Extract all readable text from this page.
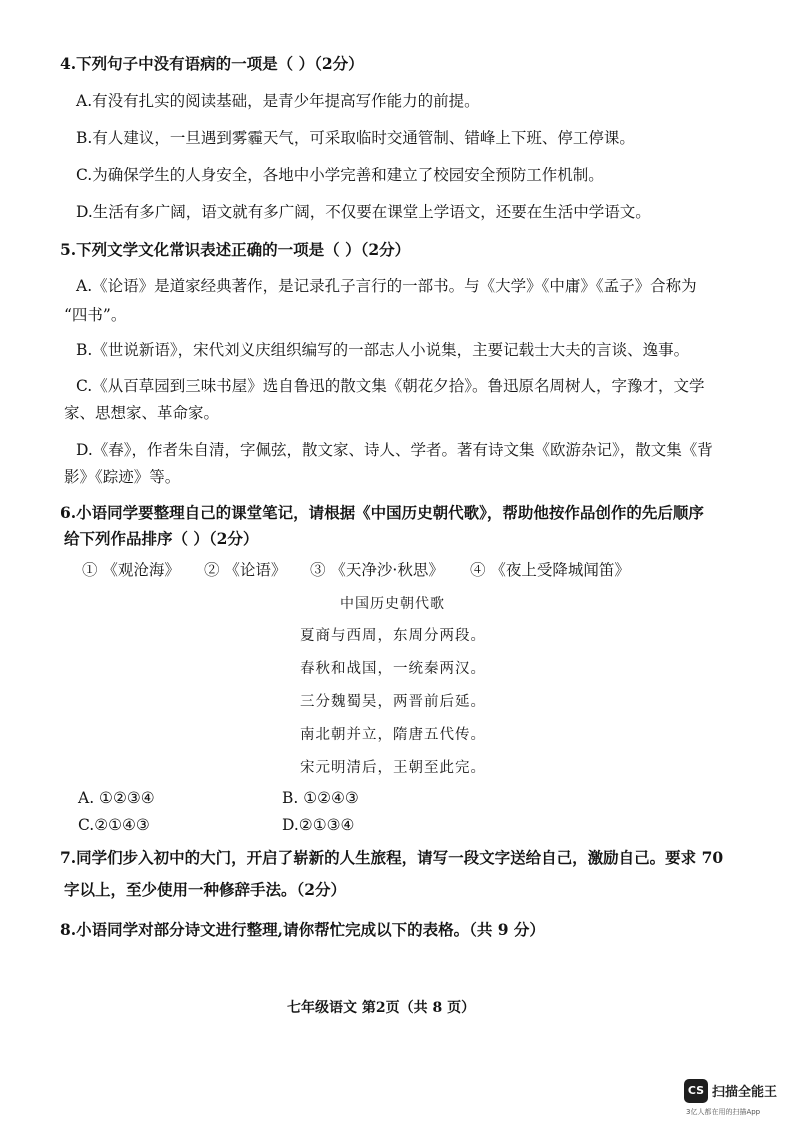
4.下列句子中没有语病的一项是（ ）（2分）
A.有没有扎实的阅读基础，是青少年提高写作能力的前提。
B.有人建议，一旦遇到雾霾天气，可采取临时交通管制、错峰上下班、停工停课。
C.为确保学生的人身安全，各地中小学完善和建立了校园安全预防工作机制。
D.生活有多广阔，语文就有多广阔，不仅要在课堂上学语文，还要在生活中学语文。
5.下列文学文化常识表述正确的一项是（ ）（2分）
A.《论语》是道家经典著作，是记录孔子言行的一部书。与《大学》《中庸》《孟子》合称为
“四书”。
B.《世说新语》，宋代刘义庆组织编写的一部志人小说集，主要记载士大夫的言谈、逸事。
C.《从百草园到三味书屋》选自鲁迅的散文集《朝花夕拾》。鲁迅原名周树人，字豫才，文学
家、思想家、革命家。
D.《春》，作者朱自清，字佩弦，散文家、诗人、学者。著有诗文集《欧游杂记》，散文集《背
影》《踪迹》等。
6.小语同学要整理自己的课堂笔记，请根据《中国历史朝代歌》，帮助他按作品创作的先后顺序
给下列作品排序（ ）（2分）
① 《观沧海》 ② 《论语》 ③ 《天净沙·秋思》 ④ 《夜上受降城闻笛》
中国历史朝代歌
夏商与西周，东周分两段。
春秋和战国，一统秦两汉。
三分魏蜀吴，两晋前后延。
南北朝并立，隋唐五代传。
宋元明清后，王朝至此完。
A. ①②③④	B. ①②④③
C.②①④③	D.②①③④
7.同学们步入初中的大门，开启了崭新的人生旅程，请写一段文字送给自己，激励自己。要求 70
字以上，至少使用一种修辞手法。（2分）
8.小语同学对部分诗文进行整理,请你帮忙完成以下的表格。（共 9 分）
七年级语文 第2页（共 8 页）
CS 扫描全能王
3亿人都在用的扫描App
